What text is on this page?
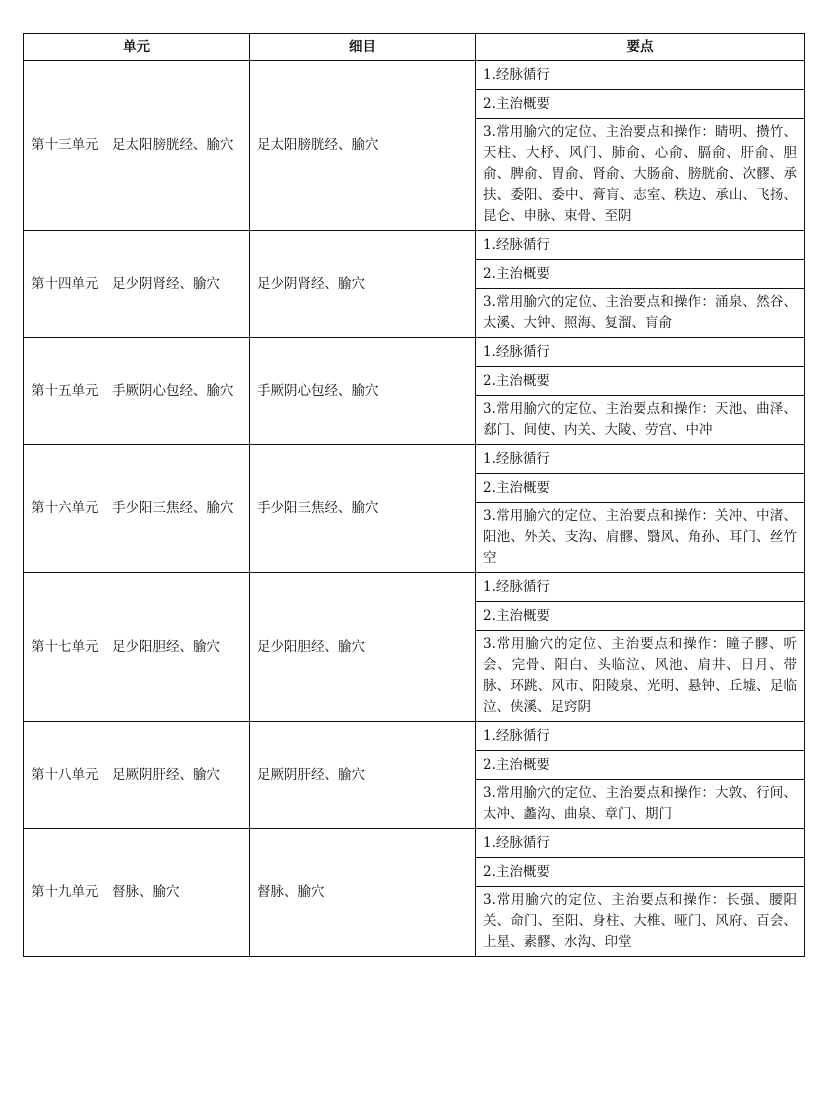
单元	细目	要点
第十三单元　足太阳膀胱经、腧穴	足太阳膀胱经、腧穴	1.经脉循行
		2.主治概要
		3.常用腧穴的定位、主治要点和操作：睛明、攒竹、天柱、大杼、风门、肺俞、心俞、膈俞、肝俞、胆俞、脾俞、胃俞、肾俞、大肠俞、膀胱俞、次髎、承扶、委阳、委中、膏肓、志室、秩边、承山、飞扬、昆仑、申脉、束骨、至阴
第十四单元　足少阴肾经、腧穴	足少阴肾经、腧穴	1.经脉循行
		2.主治概要
		3.常用腧穴的定位、主治要点和操作：涌泉、然谷、太溪、大钟、照海、复溜、肓俞
第十五单元　手厥阴心包经、腧穴	手厥阴心包经、腧穴	1.经脉循行
		2.主治概要
		3.常用腧穴的定位、主治要点和操作：天池、曲泽、郄门、间使、内关、大陵、劳宫、中冲
第十六单元　手少阳三焦经、腧穴	手少阳三焦经、腧穴	1.经脉循行
		2.主治概要
		3.常用腧穴的定位、主治要点和操作：关冲、中渚、阳池、外关、支沟、肩髎、翳风、角孙、耳门、丝竹空
第十七单元　足少阳胆经、腧穴	足少阳胆经、腧穴	1.经脉循行
		2.主治概要
		3.常用腧穴的定位、主治要点和操作：瞳子髎、听会、完骨、阳白、头临泣、风池、肩井、日月、带脉、环跳、风市、阳陵泉、光明、悬钟、丘墟、足临泣、侠溪、足窍阴
第十八单元　足厥阴肝经、腧穴	足厥阴肝经、腧穴	1.经脉循行
		2.主治概要
		3.常用腧穴的定位、主治要点和操作：大敦、行间、太冲、蠡沟、曲泉、章门、期门
第十九单元　督脉、腧穴	督脉、腧穴	1.经脉循行
		2.主治概要
		3.常用腧穴的定位、主治要点和操作：长强、腰阳关、命门、至阳、身柱、大椎、哑门、风府、百会、上星、素髎、水沟、印堂
